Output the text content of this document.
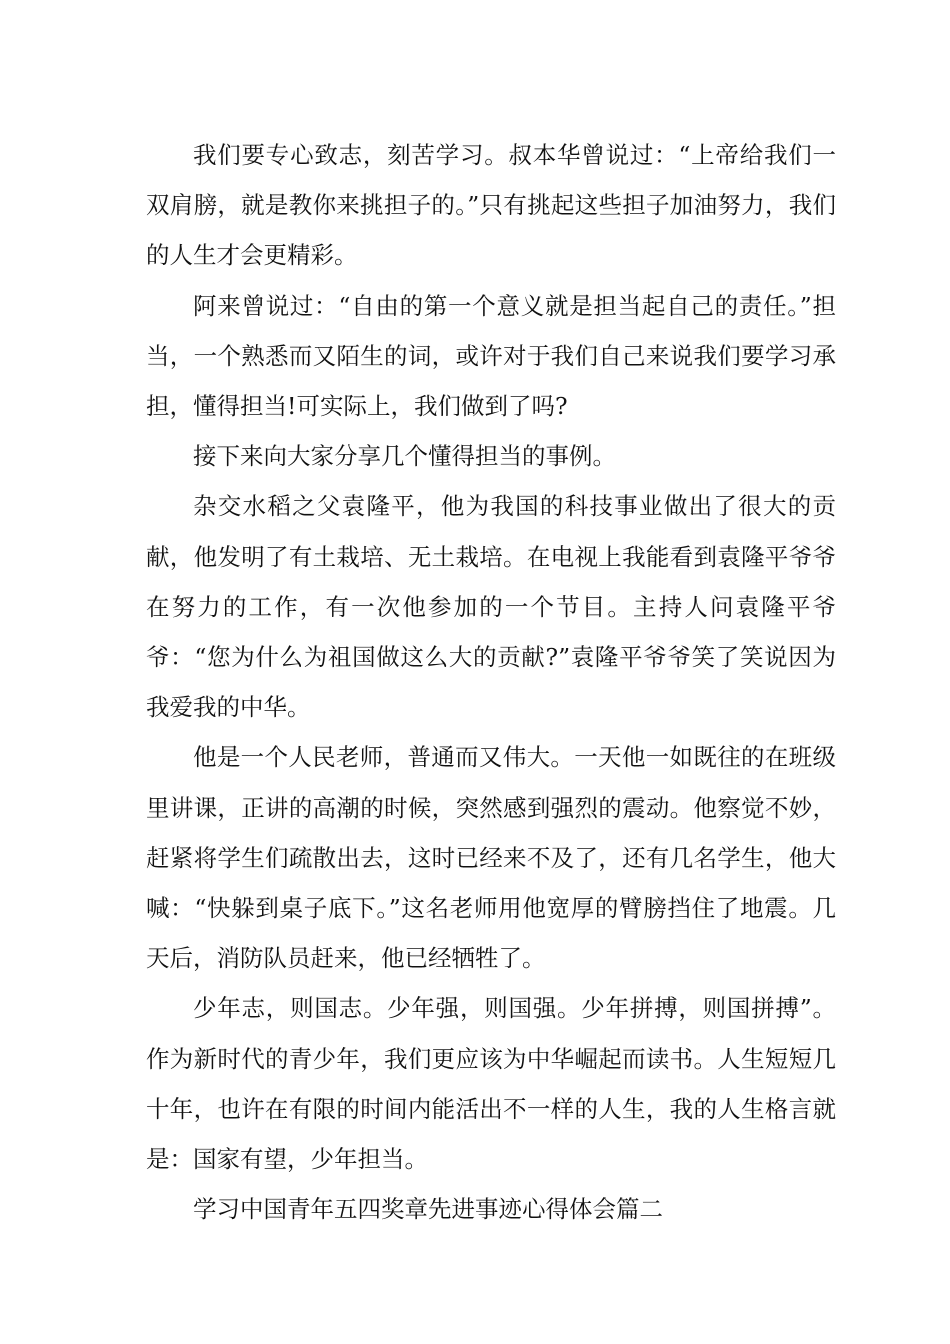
我们要专心致志，刻苦学习。叔本华曾说过：“上帝给我们一双肩膀，就是教你来挑担子的。”只有挑起这些担子加油努力，我们的人生才会更精彩。

阿来曾说过：“自由的第一个意义就是担当起自己的责任。”担当，一个熟悉而又陌生的词，或许对于我们自己来说我们要学习承担，懂得担当!可实际上，我们做到了吗?

接下来向大家分享几个懂得担当的事例。

杂交水稻之父袁隆平，他为我国的科技事业做出了很大的贡献，他发明了有土栽培、无土栽培。在电视上我能看到袁隆平爷爷在努力的工作，有一次他参加的一个节目。主持人问袁隆平爷爷：“您为什么为祖国做这么大的贡献?”袁隆平爷爷笑了笑说因为我爱我的中华。

他是一个人民老师，普通而又伟大。一天他一如既往的在班级里讲课，正讲的高潮的时候，突然感到强烈的震动。他察觉不妙，赶紧将学生们疏散出去，这时已经来不及了，还有几名学生，他大喊：“快躲到桌子底下。”这名老师用他宽厚的臂膀挡住了地震。几天后，消防队员赶来，他已经牺牲了。

少年志，则国志。少年强，则国强。少年拼搏，则国拼搏”。作为新时代的青少年，我们更应该为中华崛起而读书。人生短短几十年，也许在有限的时间内能活出不一样的人生，我的人生格言就是：国家有望，少年担当。

学习中国青年五四奖章先进事迹心得体会篇二
